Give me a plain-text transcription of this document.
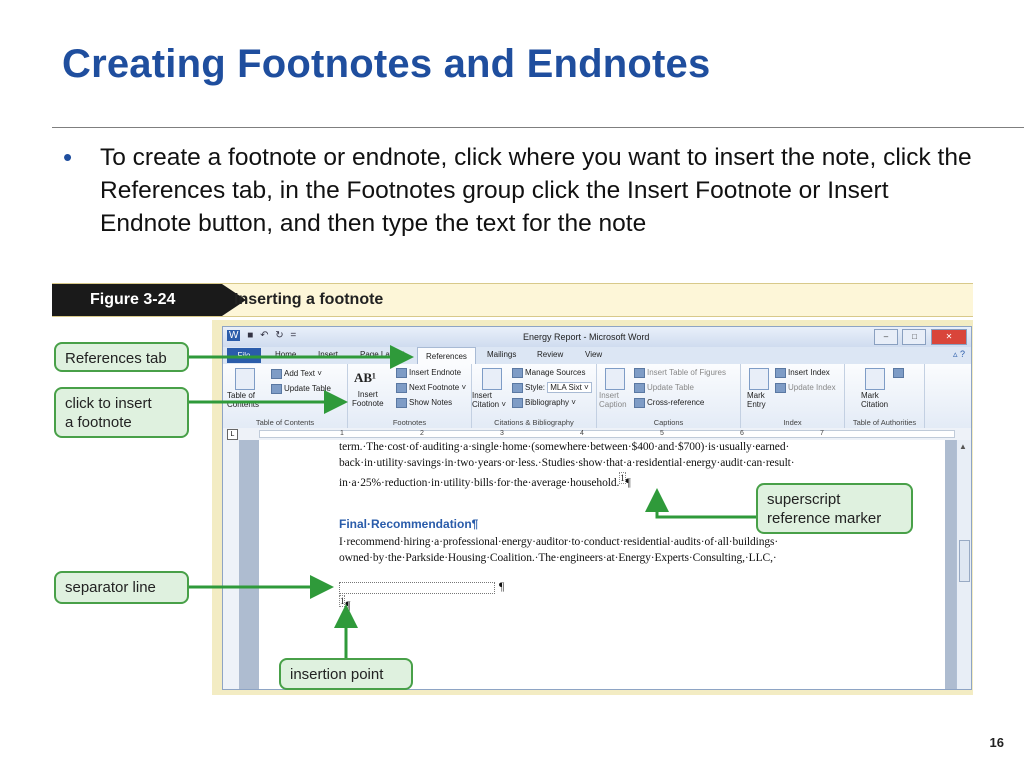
Creating Footnotes and Endnotes
• To create a footnote or endnote, click where you want to insert the note, click the References tab, in the Footnotes group click the Insert Footnote or Insert Endnote button, and then type the text for the note
Figure 3-24	Inserting a footnote
W ■ ↶ ↻ =	Energy Report - Microsoft Word	–	□	✕
File	Home	Insert	Page Layout	References	Mailings	Review	View	▵ ?
Table of
Contents
Add Text ˅
Update Table
Table of Contents
AB¹
Insert
Footnote
Insert Endnote
Next Footnote ˅
Show Notes
Footnotes
Insert
Citation ˅
Manage Sources
Style: MLA Sixt ˅
Bibliography ˅
Citations & Bibliography
Insert
Caption
Insert Table of Figures
Update Table
Cross-reference
Captions
Mark
Entry
Insert Index
Update Index
Index
Mark
Citation
Table of Authorities
L	1	2	3	4	5	6	7
term.·The·cost·of·auditing·a·single·home·(somewhere·between·$400·and·$700)·is·usually·earned·
back·in·utility·savings·in·two·years·or·less.·Studies·show·that·a·residential·energy·audit·can·result·
in·a·25%·reduction·in·utility·bills·for·the·average·household.$^1$¶
Final·Recommendation¶
I·recommend·hiring·a·professional·energy·auditor·to·conduct·residential·audits·of·all·buildings·
owned·by·the·Parkside·Housing·Coalition.·The·engineers·at·Energy·Experts·Consulting,·LLC,·
¶
$^1$¶
▲
References tab
click to insert
a footnote
superscript
reference marker
separator line
insertion point
16
